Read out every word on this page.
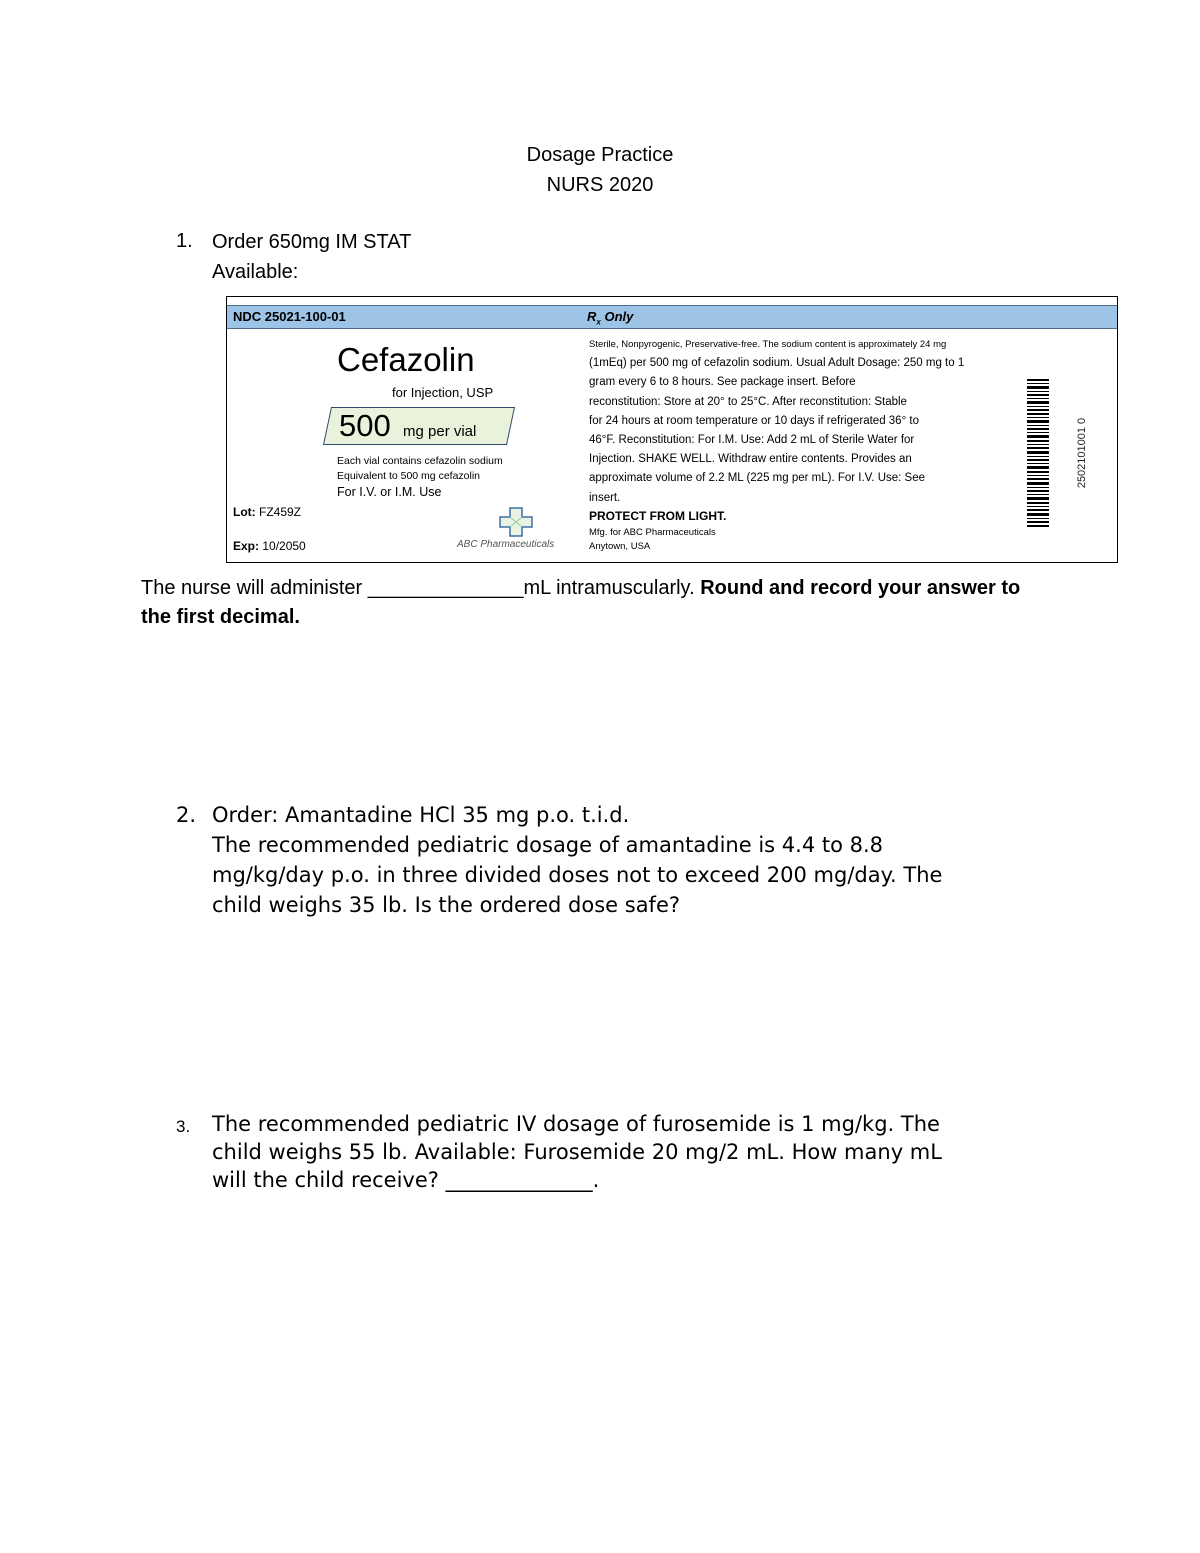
Dosage Practice
NURS 2020
1. Order 650mg IM STAT
Available:
NDC 25021-100-01	$R_x$ Only
Cefazolin
for Injection, USP
500 mg per vial
Each vial contains cefazolin sodium
Equivalent to 500 mg cefazolin
For I.V. or I.M. Use
Lot: FZ459Z
Exp: 10/2050	ABC Pharmaceuticals
Sterile, Nonpyrogenic, Preservative-free. The sodium content is approximately 24 mg
(1mEq) per 500 mg of cefazolin sodium. Usual Adult Dosage: 250 mg to 1
gram every 6 to 8 hours. See package insert. Before
reconstitution: Store at 20° to 25°C. After reconstitution: Stable
for 24 hours at room temperature or 10 days if refrigerated 36° to
46°F. Reconstitution: For I.M. Use: Add 2 mL of Sterile Water for
Injection. SHAKE WELL. Withdraw entire contents. Provides an
approximate volume of 2.2 ML (225 mg per mL). For I.V. Use: See
insert.
PROTECT FROM LIGHT.
Mfg. for ABC Pharmaceuticals
Anytown, USA
2502101001 0
The nurse will administer ______________mL intramuscularly. Round and record your answer to
the first decimal.
2. Order: Amantadine HCl 35 mg p.o. t.i.d.
The recommended pediatric dosage of amantadine is 4.4 to 8.8
mg/kg/day p.o. in three divided doses not to exceed 200 mg/day. The
child weighs 35 lb. Is the ordered dose safe?
3. The recommended pediatric IV dosage of furosemide is 1 mg/kg. The
child weighs 55 lb. Available: Furosemide 20 mg/2 mL. How many mL
will the child receive? ______________.
